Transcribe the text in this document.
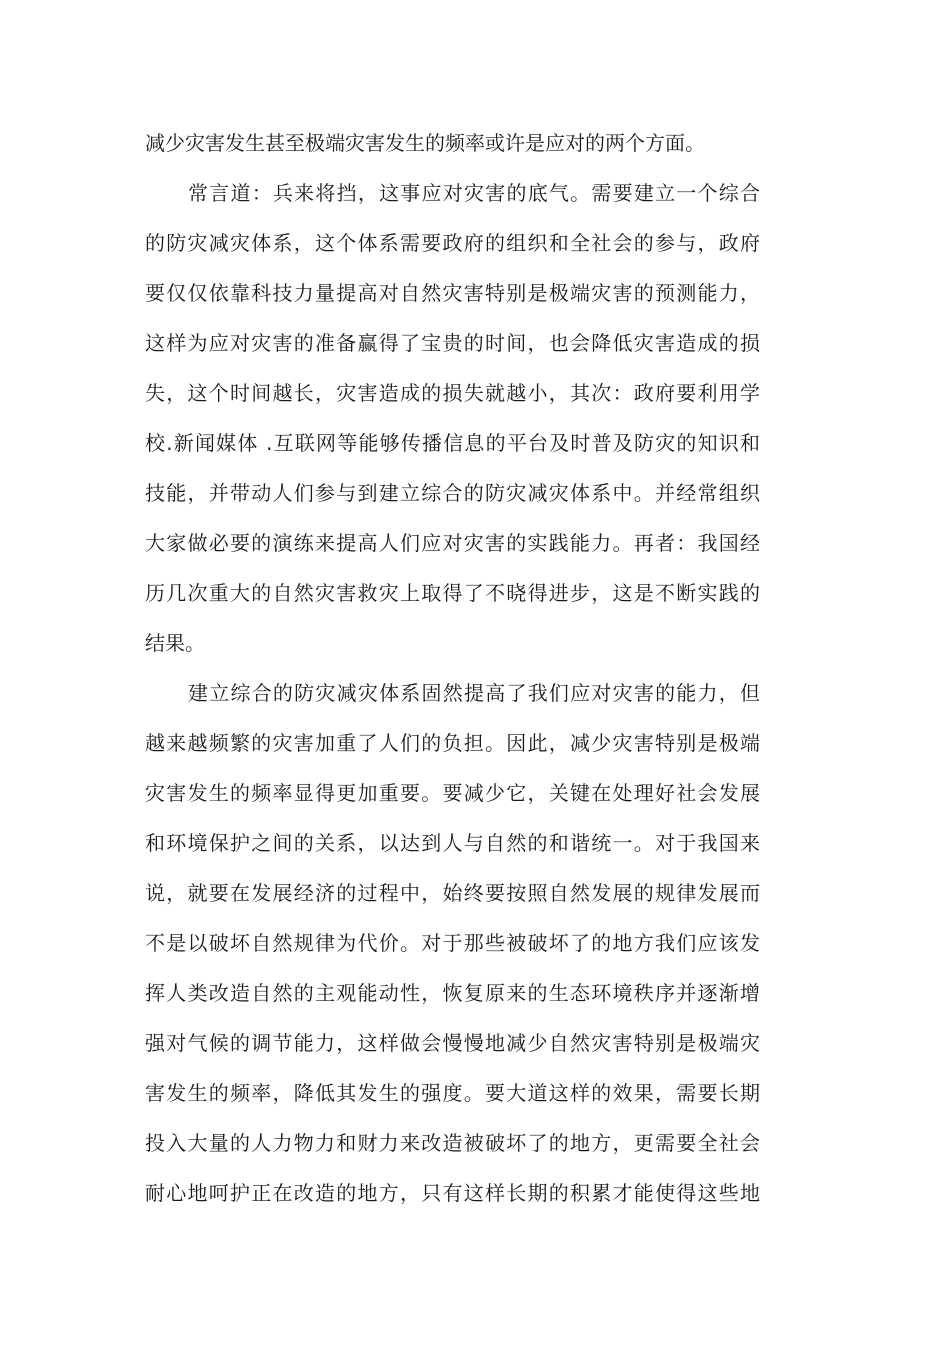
减少灾害发生甚至极端灾害发生的频率或许是应对的两个方面。
常言道：兵来将挡，这事应对灾害的底气。需要建立一个综合
的防灾减灾体系，这个体系需要政府的组织和全社会的参与，政府
要仅仅依靠科技力量提高对自然灾害特别是极端灾害的预测能力，
这样为应对灾害的准备赢得了宝贵的时间，也会降低灾害造成的损
失，这个时间越长，灾害造成的损失就越小，其次：政府要利用学
校.新闻媒体 .互联网等能够传播信息的平台及时普及防灾的知识和
技能，并带动人们参与到建立综合的防灾减灾体系中。并经常组织
大家做必要的演练来提高人们应对灾害的实践能力。再者：我国经
历几次重大的自然灾害救灾上取得了不晓得进步，这是不断实践的
结果。
建立综合的防灾减灾体系固然提高了我们应对灾害的能力，但
越来越频繁的灾害加重了人们的负担。因此，减少灾害特别是极端
灾害发生的频率显得更加重要。要减少它，关键在处理好社会发展
和环境保护之间的关系，以达到人与自然的和谐统一。对于我国来
说，就要在发展经济的过程中，始终要按照自然发展的规律发展而
不是以破坏自然规律为代价。对于那些被破坏了的地方我们应该发
挥人类改造自然的主观能动性，恢复原来的生态环境秩序并逐渐增
强对气候的调节能力，这样做会慢慢地减少自然灾害特别是极端灾
害发生的频率，降低其发生的强度。要大道这样的效果，需要长期
投入大量的人力物力和财力来改造被破坏了的地方，更需要全社会
耐心地呵护正在改造的地方，只有这样长期的积累才能使得这些地
